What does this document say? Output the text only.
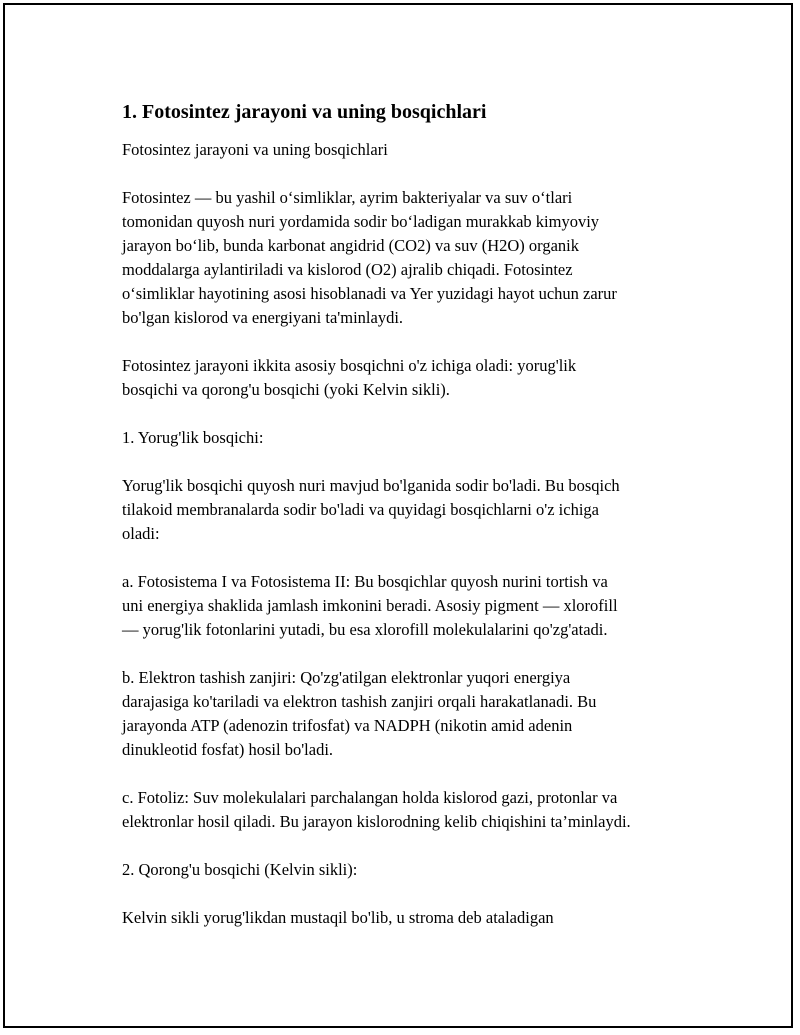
1. Fotosintez jarayoni va uning bosqichlari

Fotosintez jarayoni va uning bosqichlari

Fotosintez — bu yashil o‘simliklar, ayrim bakteriyalar va suv o‘tlari
tomonidan quyosh nuri yordamida sodir bo‘ladigan murakkab kimyoviy
jarayon bo‘lib, bunda karbonat angidrid (CO2) va suv (H2O) organik
moddalarga aylantiriladi va kislorod (O2) ajralib chiqadi. Fotosintez
o‘simliklar hayotining asosi hisoblanadi va Yer yuzidagi hayot uchun zarur
bo'lgan kislorod va energiyani ta'minlaydi.

Fotosintez jarayoni ikkita asosiy bosqichni o'z ichiga oladi: yorug'lik
bosqichi va qorong'u bosqichi (yoki Kelvin sikli).

1. Yorug'lik bosqichi:

Yorug'lik bosqichi quyosh nuri mavjud bo'lganida sodir bo'ladi. Bu bosqich
tilakoid membranalarda sodir bo'ladi va quyidagi bosqichlarni o'z ichiga
oladi:

a. Fotosistema I va Fotosistema II: Bu bosqichlar quyosh nurini tortish va
uni energiya shaklida jamlash imkonini beradi. Asosiy pigment — xlorofill
— yorug'lik fotonlarini yutadi, bu esa xlorofill molekulalarini qo'zg'atadi.

b. Elektron tashish zanjiri: Qo'zg'atilgan elektronlar yuqori energiya
darajasiga ko'tariladi va elektron tashish zanjiri orqali harakatlanadi. Bu
jarayonda ATP (adenozin trifosfat) va NADPH (nikotin amid adenin
dinukleotid fosfat) hosil bo'ladi.

c. Fotoliz: Suv molekulalari parchalangan holda kislorod gazi, protonlar va
elektronlar hosil qiladi. Bu jarayon kislorodning kelib chiqishini ta’minlaydi.

2. Qorong'u bosqichi (Kelvin sikli):

Kelvin sikli yorug'likdan mustaqil bo'lib, u stroma deb ataladigan
